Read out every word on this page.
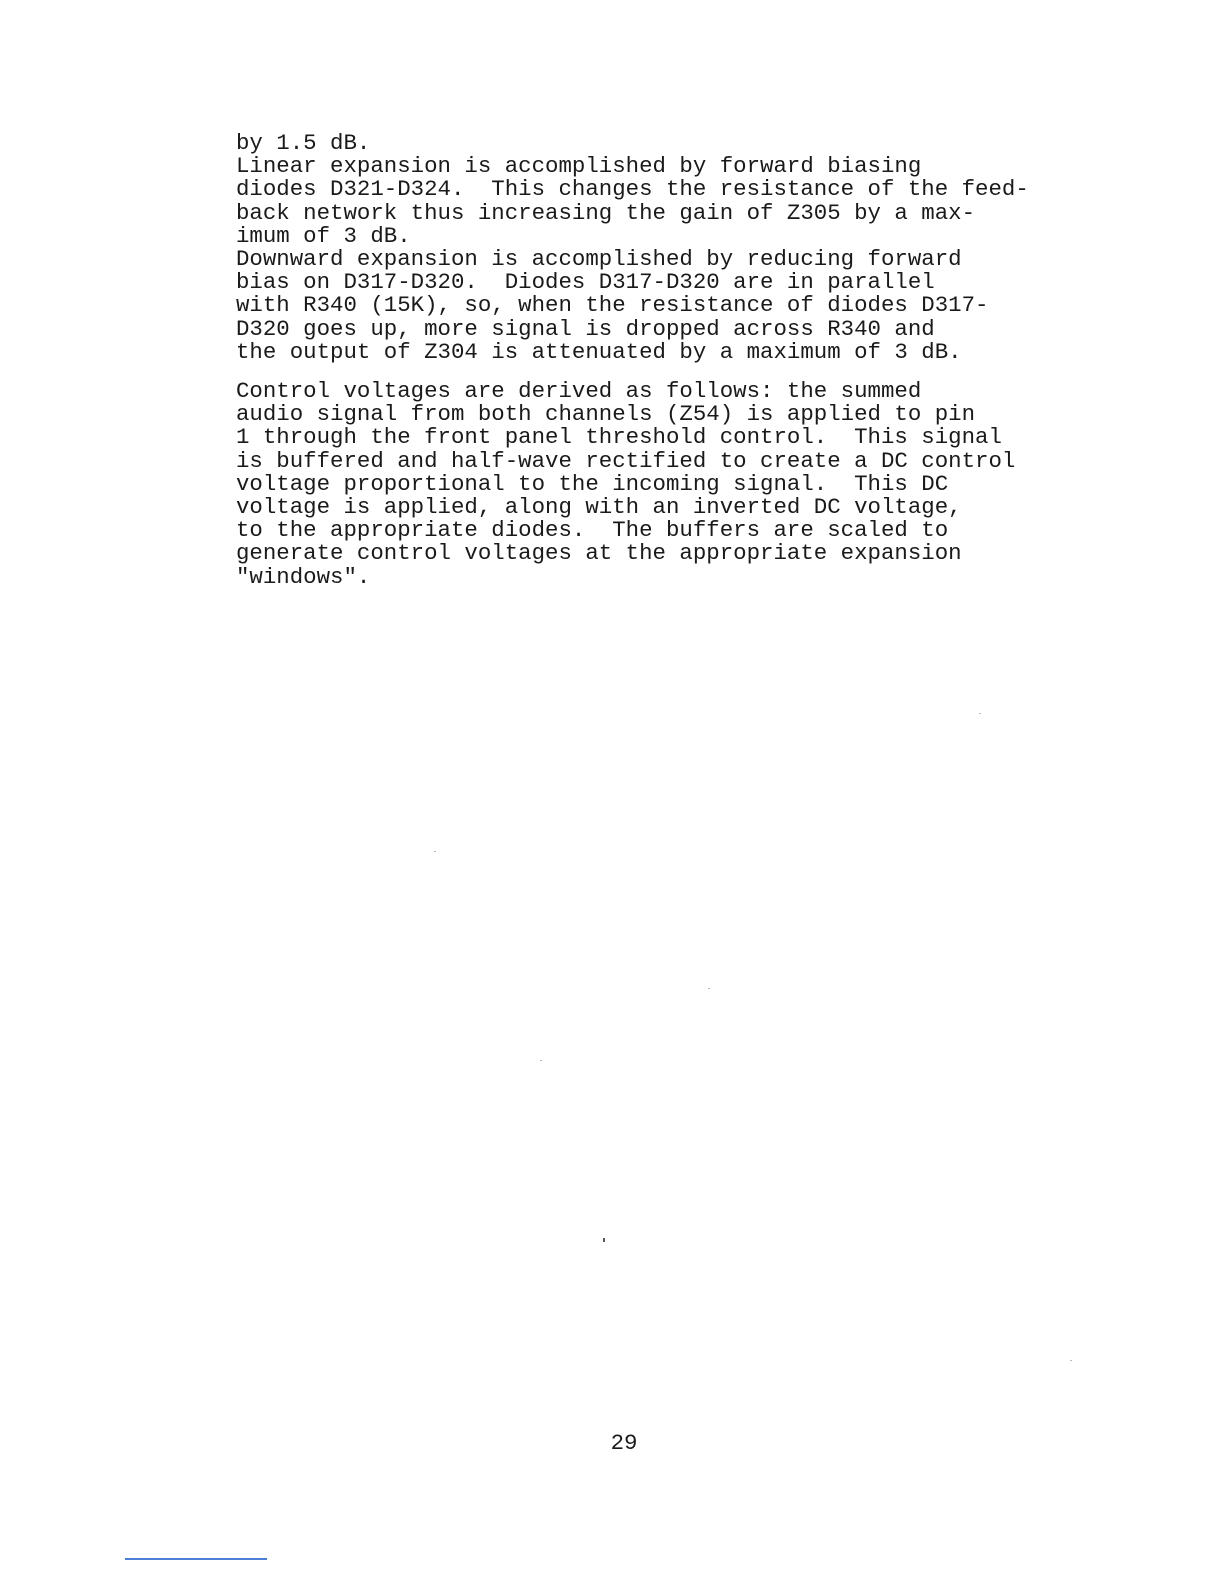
by 1.5 dB.
Linear expansion is accomplished by forward biasing
diodes D321-D324.  This changes the resistance of the feed-
back network thus increasing the gain of Z305 by a max-
imum of 3 dB.
Downward expansion is accomplished by reducing forward
bias on D317-D320.  Diodes D317-D320 are in parallel
with R340 (15K), so, when the resistance of diodes D317-
D320 goes up, more signal is dropped across R340 and
the output of Z304 is attenuated by a maximum of 3 dB.
Control voltages are derived as follows: the summed
audio signal from both channels (Z54) is applied to pin
1 through the front panel threshold control.  This signal
is buffered and half-wave rectified to create a DC control
voltage proportional to the incoming signal.  This DC
voltage is applied, along with an inverted DC voltage,
to the appropriate diodes.  The buffers are scaled to
generate control voltages at the appropriate expansion
"windows".
29
